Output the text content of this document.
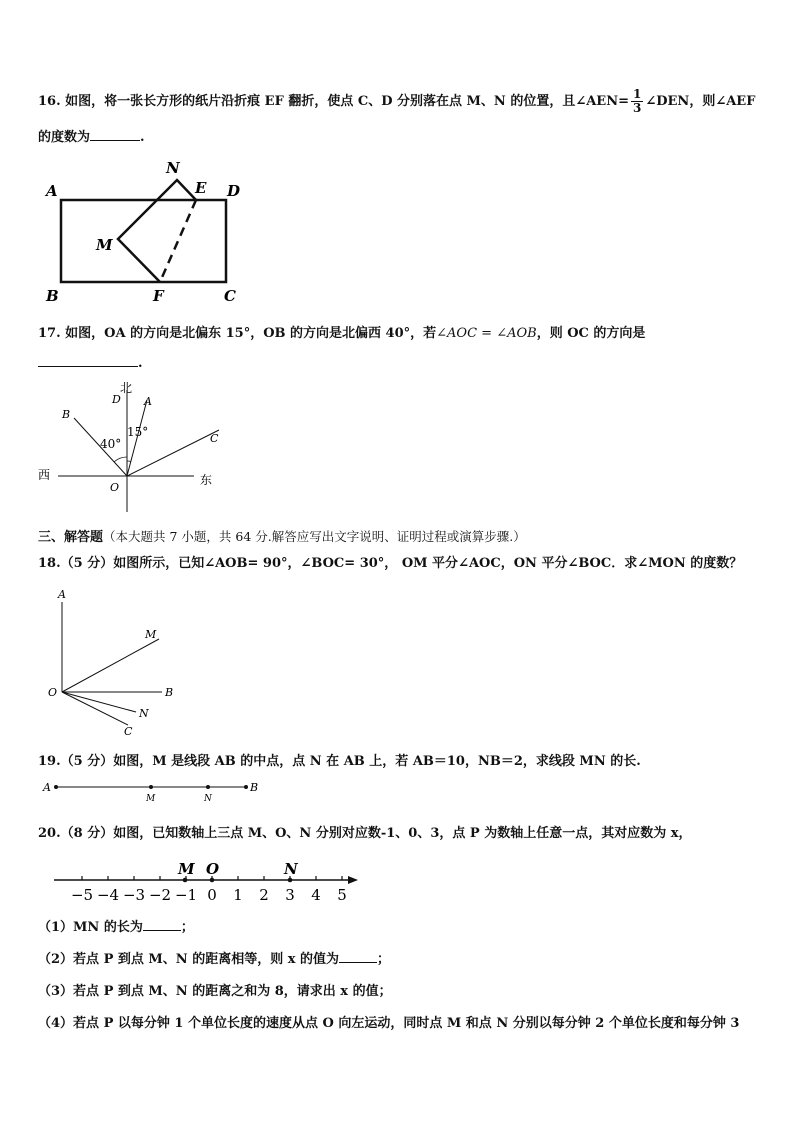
16. 如图，将一张长方形的纸片沿折痕 EF 翻折，使点 C、D 分别落在点 M、N 的位置，且∠AEN= $\frac{1}{3}$ ∠DEN，则∠AEF
的度数为	.
A
B	C
D
E
F
M
N
17. 如图，OA 的方向是北偏东 15°，OB 的方向是北偏西 40°，若∠AOC = ∠AOB，则 OC 的方向是
.
北
D A
B
C
西	东
O
40°
15°
三、解答题（本大题共 7 小题，共 64 分.解答应写出文字说明、证明过程或演算步骤.）
18.（5 分）如图所示，已知∠AOB= 90°，∠BOC= 30°， OM 平分∠AOC，ON 平分∠BOC．求∠MON 的度数？
A
M
O	B
N
C
19.（5 分）如图，M 是线段 AB 的中点，点 N 在 AB 上，若 AB＝10，NB＝2，求线段 MN 的长.
A
M	N
B
20.（8 分）如图，已知数轴上三点 M、O、N 分别对应数-1、0、3，点 P 为数轴上任意一点，其对应数为 x，
−5 −4 −3 −2 −1 0 1 2 3 4 5
M O	N
（1）MN 的长为	；
（2）若点 P 到点 M、N 的距离相等，则 x 的值为	；
（3）若点 P 到点 M、N 的距离之和为 8，请求出 x 的值；
（4）若点 P 以每分钟 1 个单位长度的速度从点 O 向左运动，同时点 M 和点 N 分别以每分钟 2 个单位长度和每分钟 3
